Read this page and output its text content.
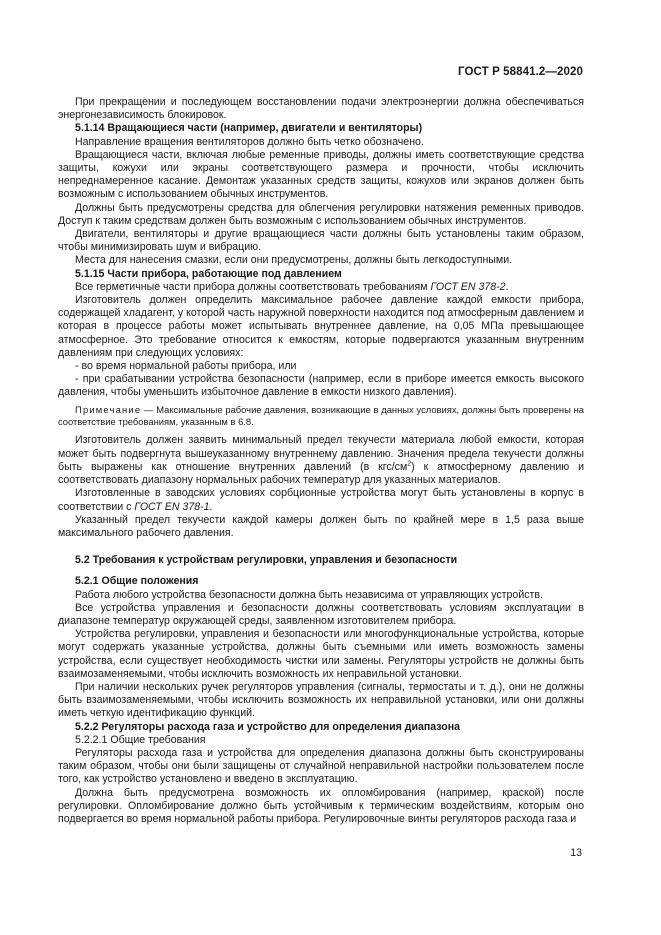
ГОСТ Р 58841.2—2020

При прекращении и последующем восстановлении подачи электроэнергии должна обеспечиваться энергонезависимость блокировок.

5.1.14 Вращающиеся части (например, двигатели и вентиляторы)

Направление вращения вентиляторов должно быть четко обозначено.

Вращающиеся части, включая любые ременные приводы, должны иметь соответствующие средства защиты, кожухи или экраны соответствующего размера и прочности, чтобы исключить непреднамеренное касание. Демонтаж указанных средств защиты, кожухов или экранов должен быть возможным с использованием обычных инструментов.

Должны быть предусмотрены средства для облегчения регулировки натяжения ременных приводов. Доступ к таким средствам должен быть возможным с использованием обычных инструментов.

Двигатели, вентиляторы и другие вращающиеся части должны быть установлены таким образом, чтобы минимизировать шум и вибрацию.

Места для нанесения смазки, если они предусмотрены, должны быть легкодоступными.

5.1.15 Части прибора, работающие под давлением

Все герметичные части прибора должны соответствовать требованиям ГОСТ EN 378-2.

Изготовитель должен определить максимальное рабочее давление каждой емкости прибора, содержащей хладагент, у которой часть наружной поверхности находится под атмосферным давлением и которая в процессе работы может испытывать внутреннее давление, на 0,05 МПа превышающее атмосферное. Это требование относится к емкостям, которые подвергаются указанным внутренним давлениям при следующих условиях:

- во время нормальной работы прибора, или

- при срабатывании устройства безопасности (например, если в приборе имеется емкость высокого давления, чтобы уменьшить избыточное давление в емкости низкого давления).

Примечание — Максимальные рабочие давления, возникающие в данных условиях, должны быть проверены на соответствие требованиям, указанным в 6.8.

Изготовитель должен заявить минимальный предел текучести материала любой емкости, которая может быть подвергнута вышеуказанному внутреннему давлению. Значения предела текучести должны быть выражены как отношение внутренних давлений (в кгс/$см^2$) к атмосферному давлению и соответствовать диапазону нормальных рабочих температур для указанных материалов.

Изготовленные в заводских условиях сорбционные устройства могут быть установлены в корпус в соответствии с ГОСТ EN 378-1.

Указанный предел текучести каждой камеры должен быть по крайней мере в 1,5 раза выше максимального рабочего давления.

5.2 Требования к устройствам регулировки, управления и безопасности

5.2.1 Общие положения

Работа любого устройства безопасности должна быть независима от управляющих устройств.

Все устройства управления и безопасности должны соответствовать условиям эксплуатации в диапазоне температур окружающей среды, заявленном изготовителем прибора.

Устройства регулировки, управления и безопасности или многофункциональные устройства, которые могут содержать указанные устройства, должны быть съемными или иметь возможность замены устройства, если существует необходимость чистки или замены. Регуляторы устройств не должны быть взаимозаменяемыми, чтобы исключить возможность их неправильной установки.

При наличии нескольких ручек регуляторов управления (сигналы, термостаты и т. д.), они не должны быть взаимозаменяемыми, чтобы исключить возможность их неправильной установки, или они должны иметь четкую идентификацию функций.

5.2.2 Регуляторы расхода газа и устройство для определения диапазона

5.2.2.1 Общие требования

Регуляторы расхода газа и устройства для определения диапазона должны быть сконструированы таким образом, чтобы они были защищены от случайной неправильной настройки пользователем после того, как устройство установлено и введено в эксплуатацию.

Должна быть предусмотрена возможность их опломбирования (например, краской) после регулировки. Опломбирование должно быть устойчивым к термическим воздействиям, которым оно подвергается во время нормальной работы прибора. Регулировочные винты регуляторов расхода газа и

13
